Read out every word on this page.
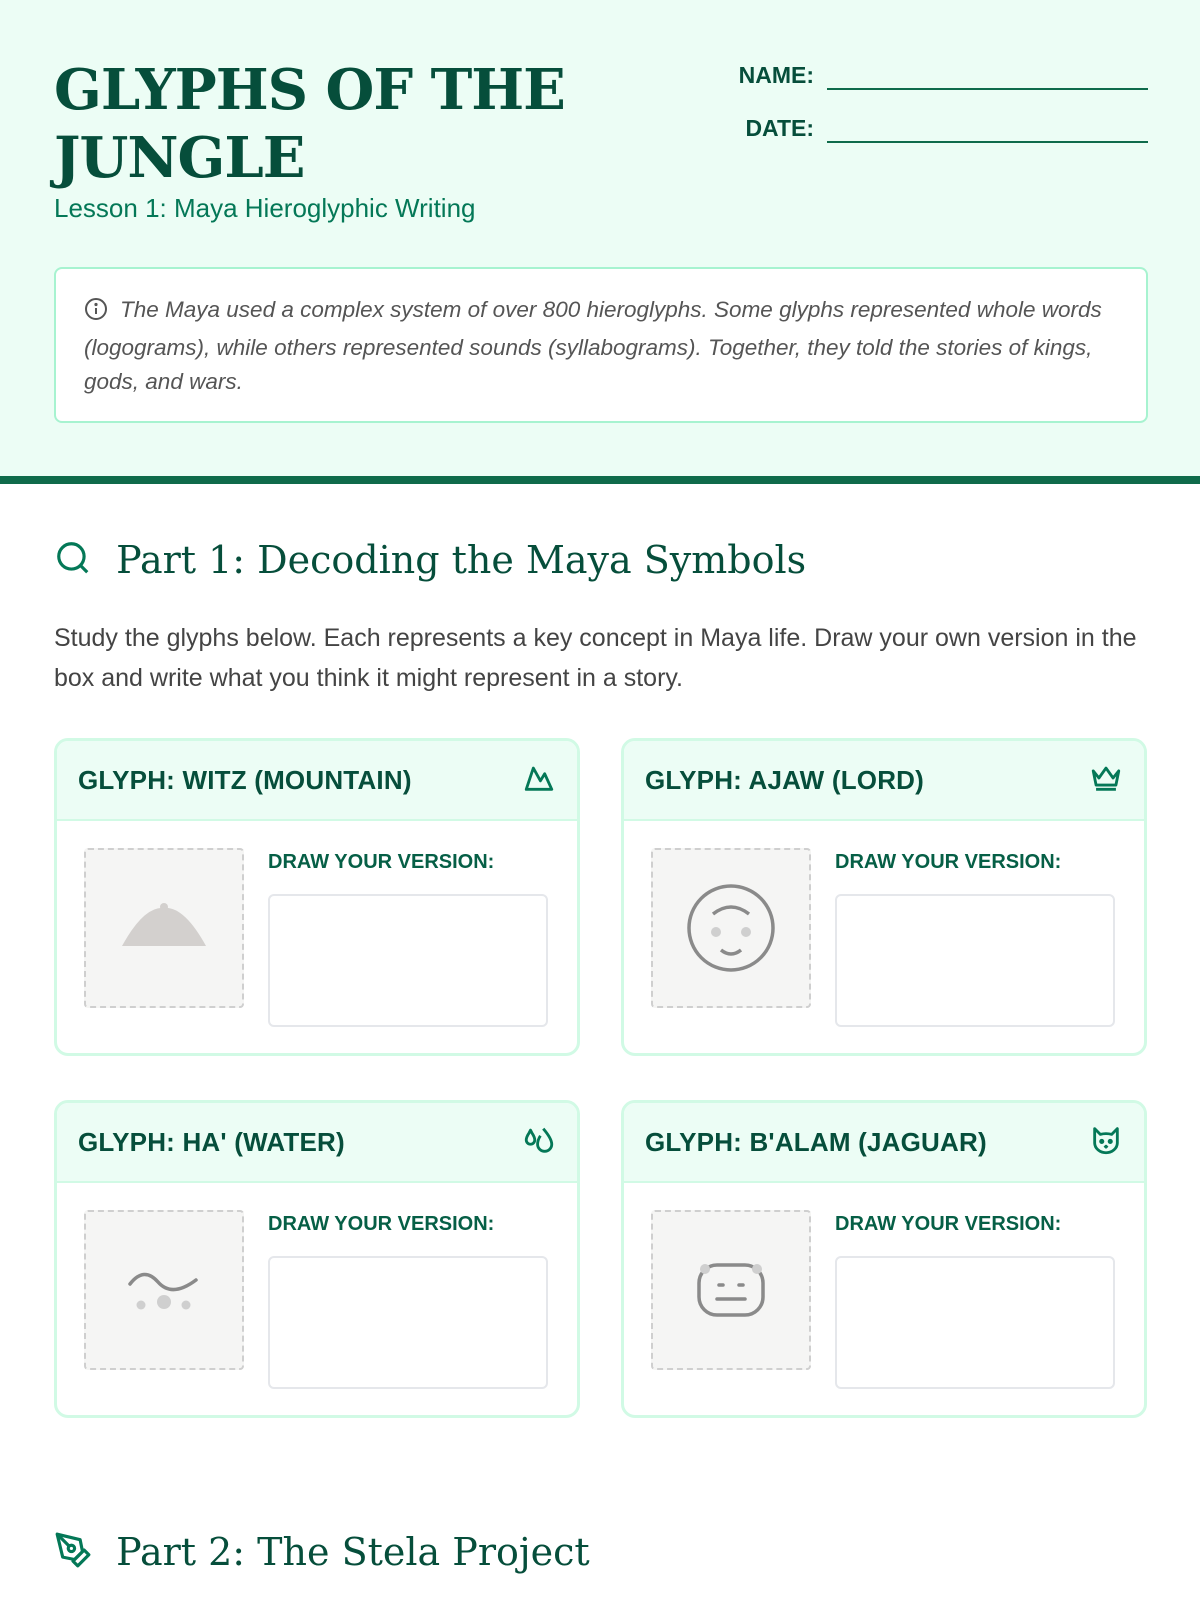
GLYPHS OF THE JUNGLE
Lesson 1: Maya Hieroglyphic Writing
NAME:
DATE:

The Maya used a complex system of over 800 hieroglyphs. Some glyphs represented whole words (logograms), while others represented sounds (syllabograms). Together, they told the stories of kings, gods, and wars.

Part 1: Decoding the Maya Symbols

Study the glyphs below. Each represents a key concept in Maya life. Draw your own version in the box and write what you think it might represent in a story.

GLYPH: WITZ (MOUNTAIN)
DRAW YOUR VERSION:
GLYPH: AJAW (LORD)
DRAW YOUR VERSION:
GLYPH: HA' (WATER)
DRAW YOUR VERSION:
GLYPH: B'ALAM (JAGUAR)
DRAW YOUR VERSION:
Part 2: The Stela Project
